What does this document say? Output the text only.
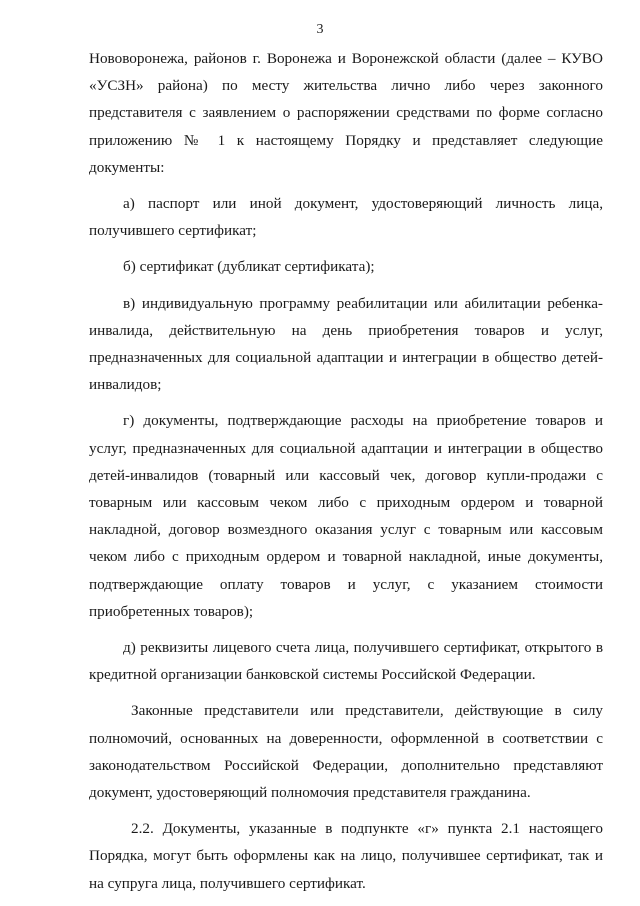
3

Нововоронежа, районов г. Воронежа и Воронежской области (далее – КУВО «УСЗН» района) по месту жительства лично либо через законного представителя с заявлением о распоряжении средствами по форме согласно приложению № 1 к настоящему Порядку и представляет следующие документы:

а) паспорт или иной документ, удостоверяющий личность лица, получившего сертификат;

б) сертификат (дубликат сертификата);

в) индивидуальную программу реабилитации или абилитации ребенка-инвалида, действительную на день приобретения товаров и услуг, предназначенных для социальной адаптации и интеграции в общество детей-инвалидов;

г) документы, подтверждающие расходы на приобретение товаров и услуг, предназначенных для социальной адаптации и интеграции в общество детей-инвалидов (товарный или кассовый чек, договор купли-продажи с товарным или кассовым чеком либо с приходным ордером и товарной накладной, договор возмездного оказания услуг с товарным или кассовым чеком либо с приходным ордером и товарной накладной, иные документы, подтверждающие оплату товаров и услуг, с указанием стоимости приобретенных товаров);

д) реквизиты лицевого счета лица, получившего сертификат, открытого в кредитной организации банковской системы Российской Федерации.

Законные представители или представители, действующие в силу полномочий, основанных на доверенности, оформленной в соответствии с законодательством Российской Федерации, дополнительно представляют документ, удостоверяющий полномочия представителя гражданина.

2.2. Документы, указанные в подпункте «г» пункта 2.1 настоящего Порядка, могут быть оформлены как на лицо, получившее сертификат, так и на супруга лица, получившего сертификат.
